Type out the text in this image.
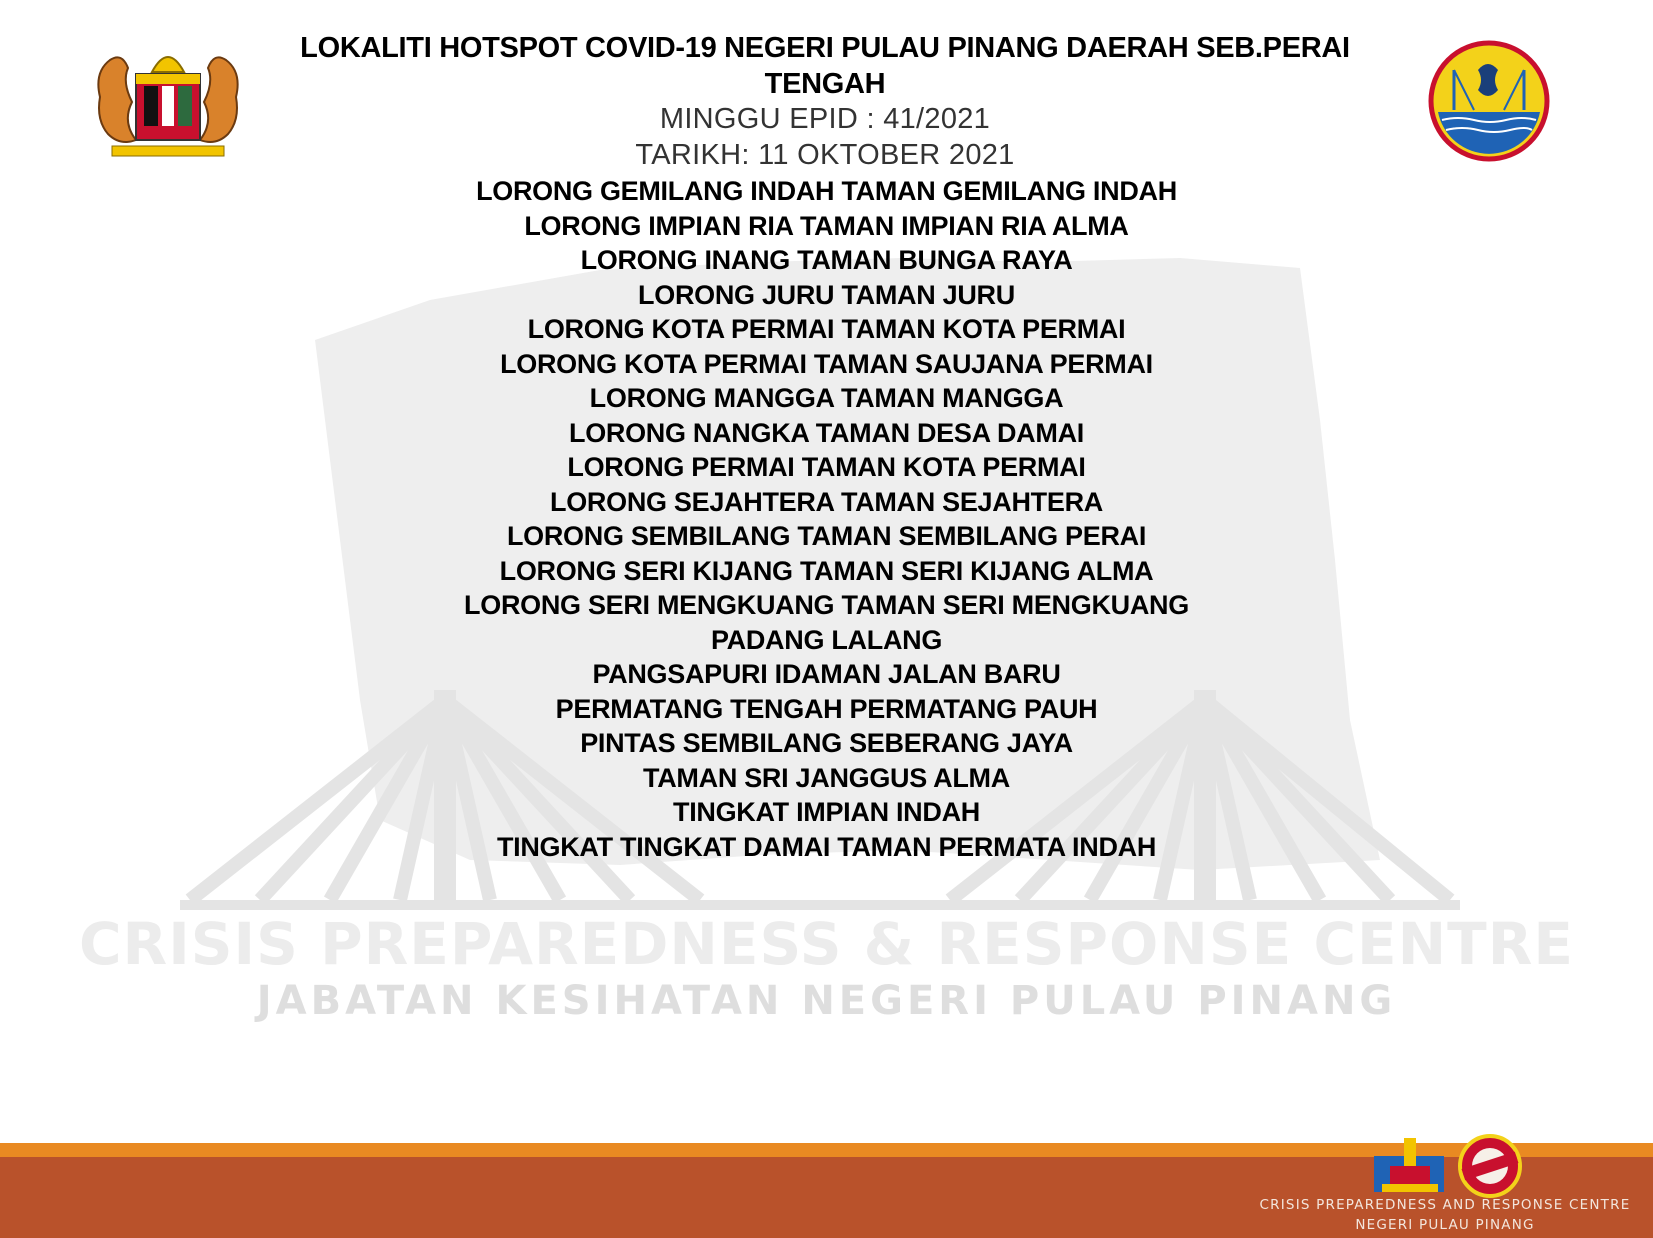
CRISIS PREPAREDNESS & RESPONSE CENTRE
JABATAN KESIHATAN NEGERI PULAU PINANG
LOKALITI HOTSPOT COVID-19 NEGERI PULAU PINANG DAERAH SEB.PERAI TENGAH
MINGGU EPID : 41/2021
TARIKH: 11 OKTOBER 2021
LORONG GEMILANG INDAH TAMAN GEMILANG INDAH
LORONG IMPIAN RIA TAMAN IMPIAN RIA ALMA
LORONG INANG TAMAN BUNGA RAYA
LORONG JURU TAMAN JURU
LORONG KOTA PERMAI TAMAN KOTA PERMAI
LORONG KOTA PERMAI TAMAN SAUJANA PERMAI
LORONG MANGGA TAMAN MANGGA
LORONG NANGKA TAMAN DESA DAMAI
LORONG PERMAI TAMAN KOTA PERMAI
LORONG SEJAHTERA TAMAN SEJAHTERA
LORONG SEMBILANG TAMAN SEMBILANG PERAI
LORONG SERI KIJANG TAMAN SERI KIJANG ALMA
LORONG SERI MENGKUANG TAMAN SERI MENGKUANG
PADANG LALANG
PANGSAPURI IDAMAN JALAN BARU
PERMATANG TENGAH PERMATANG PAUH
PINTAS SEMBILANG SEBERANG JAYA
TAMAN SRI JANGGUS ALMA
TINGKAT IMPIAN INDAH
TINGKAT TINGKAT DAMAI TAMAN PERMATA INDAH
CRISIS PREPAREDNESS AND RESPONSE CENTRE
NEGERI PULAU PINANG
